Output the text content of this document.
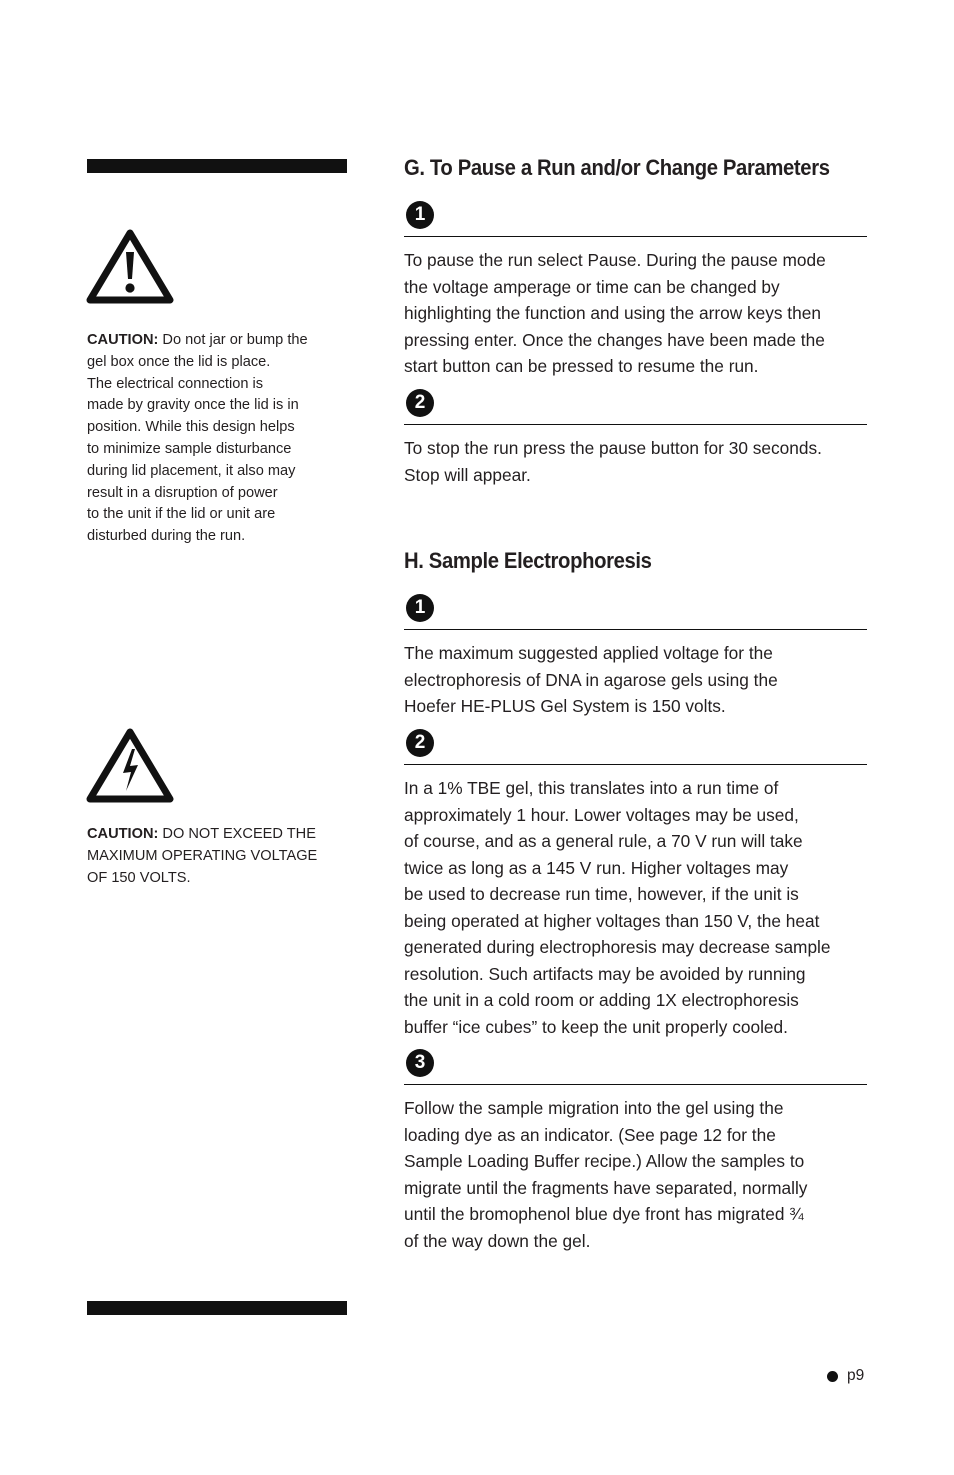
CAUTION: Do not jar or bump the
gel box once the lid is place.
The electrical connection is
made by gravity once the lid is in
position. While this design helps
to minimize sample disturbance
during lid placement, it also may
result in a disruption of power
to the unit if the lid or unit are
disturbed during the run.
CAUTION: DO NOT EXCEED THE
MAXIMUM OPERATING VOLTAGE
OF 150 VOLTS.
G. To Pause a Run and/or Change Parameters
1
To pause the run select Pause. During the pause mode
the voltage amperage or time can be changed by
highlighting the function and using the arrow keys then
pressing enter. Once the changes have been made the
start button can be pressed to resume the run.
2
To stop the run press the pause button for 30 seconds.
Stop will appear.
H. Sample Electrophoresis
1
The maximum suggested applied voltage for the
electrophoresis of DNA in agarose gels using the
Hoefer HE-PLUS Gel System is 150 volts.
2
In a 1% TBE gel, this translates into a run time of
approximately 1 hour. Lower voltages may be used,
of course, and as a general rule, a 70 V run will take
twice as long as a 145 V run. Higher voltages may
be used to decrease run time, however, if the unit is
being operated at higher voltages than 150 V, the heat
generated during electrophoresis may decrease sample
resolution. Such artifacts may be avoided by running
the unit in a cold room or adding 1X electrophoresis
buffer “ice cubes” to keep the unit properly cooled.
3
Follow the sample migration into the gel using the
loading dye as an indicator. (See page 12 for the
Sample Loading Buffer recipe.) Allow the samples to
migrate until the fragments have separated, normally
until the bromophenol blue dye front has migrated ¾
of the way down the gel.
p9
